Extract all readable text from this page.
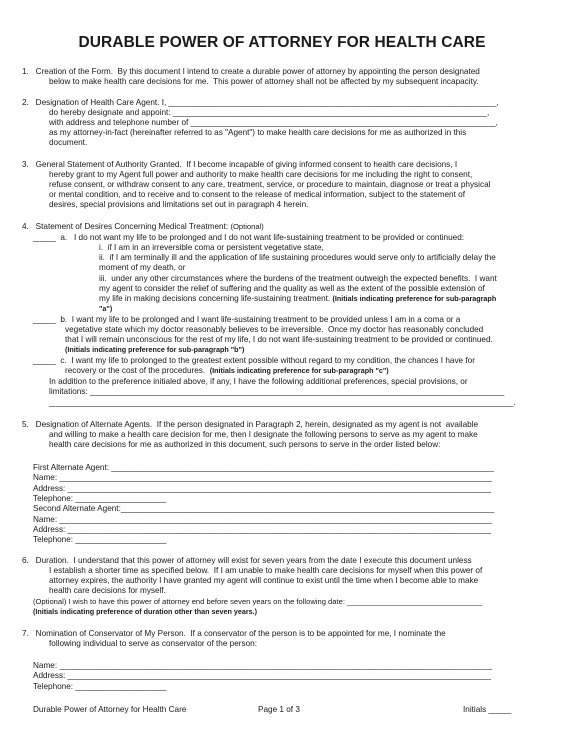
DURABLE POWER OF ATTORNEY FOR HEALTH CARE
1.   Creation of the Form.  By this document I intend to create a durable power of attorney by appointing the person designated
below to make health care decisions for me.  This power of attorney shall not be affected by my subsequent incapacity.
2.   Designation of Health Care Agent. I, ________________________________________________________________________,
do hereby designate and appoint: _____________________________________________________________________,
with address and telephone number of ___________________________________________________________________,
as my attorney-in-fact (hereinafter referred to as "Agent") to make health care decisions for me as authorized in this
document.
3.   General Statement of Authority Granted.  If I become incapable of giving informed consent to health care decisions, I
hereby grant to my Agent full power and authority to make health care decisions for me including the right to consent,
refuse consent, or withdraw consent to any care, treatment, service, or procedure to maintain, diagnose or treat a physical
or mental condition, and to receive and to consent to the release of medical information, subject to the statement of
desires, special provisions and limitations set out in paragraph 4 herein.
4.   Statement of Desires Concerning Medical Treatment: (Optional)
_____  a.   I do not want my life to be prolonged and I do not want life-sustaining treatment to be provided or continued:
i.  if I am in an irreversible coma or persistent vegetative state,
ii.  if I am terminally ill and the application of life sustaining procedures would serve only to artificially delay the
moment of my death, or
iii.  under any other circumstances where the burdens of the treatment outweigh the expected benefits.  I want
my agent to consider the relief of suffering and the quality as well as the extent of the possible extension of
my life in making decisions concerning life-sustaining treatment. (Initials indicating preference for sub-paragraph
"a")
_____  b.  I want my life to be prolonged and I want life-sustaining treatment to be provided unless I am in a coma or a
vegetative state which my doctor reasonably believes to be irreversible.  Once my doctor has reasonably concluded
that I will remain unconscious for the rest of my life, I do not want life-sustaining treatment to be provided or continued.
(Initials indicating preference for sub-paragraph "b")
_____  c.  I want my life to prolonged to the greatest extent possible without regard to my condition, the chances I have for
recovery or the cost of the procedures. (Initials indicating preference for sub-paragraph "c")
In addition to the preference initialed above, if any, I have the following additional preferences, special provisions, or
limitations: ___________________________________________________________________________________________
______________________________________________________________________________________________________.
5.   Designation of Alternate Agents.  If the person designated in Paragraph 2, herein, designated as my agent is not  available
and willing to make a health care decision for me, then I designate the following persons to serve as my agent to make
health care decisions for me as authorized in this document, such persons to serve in the order listed below:
First Alternate Agent: ____________________________________________________________________________________
Name: _______________________________________________________________________________________________
Address: _____________________________________________________________________________________________
Telephone: ____________________
Second Alternate Agent:__________________________________________________________________________________
Name: _______________________________________________________________________________________________
Address: _____________________________________________________________________________________________
Telephone: ____________________
6.   Duration.  I understand that this power of attorney will exist for seven years from the date I execute this document unless
I establish a shorter time as specified below.  If I am unable to make health care decisions for myself when this power of
attorney expires, the authority I have granted my agent will continue to exist until the time when I become able to make
health care decisions for myself.
(Optional) I wish to have this power of attorney end before seven years on the following date: ________________________________
(Initials indicating preference of duration other than seven years.)
7.   Nomination of Conservator of My Person.  If a conservator of the person is to be appointed for me, I nominate the
following individual to serve as conservator of the person:
Name: _______________________________________________________________________________________________
Address: _____________________________________________________________________________________________
Telephone: ____________________
Durable Power of Attorney for Health Care	Page 1 of 3	Initials _____
